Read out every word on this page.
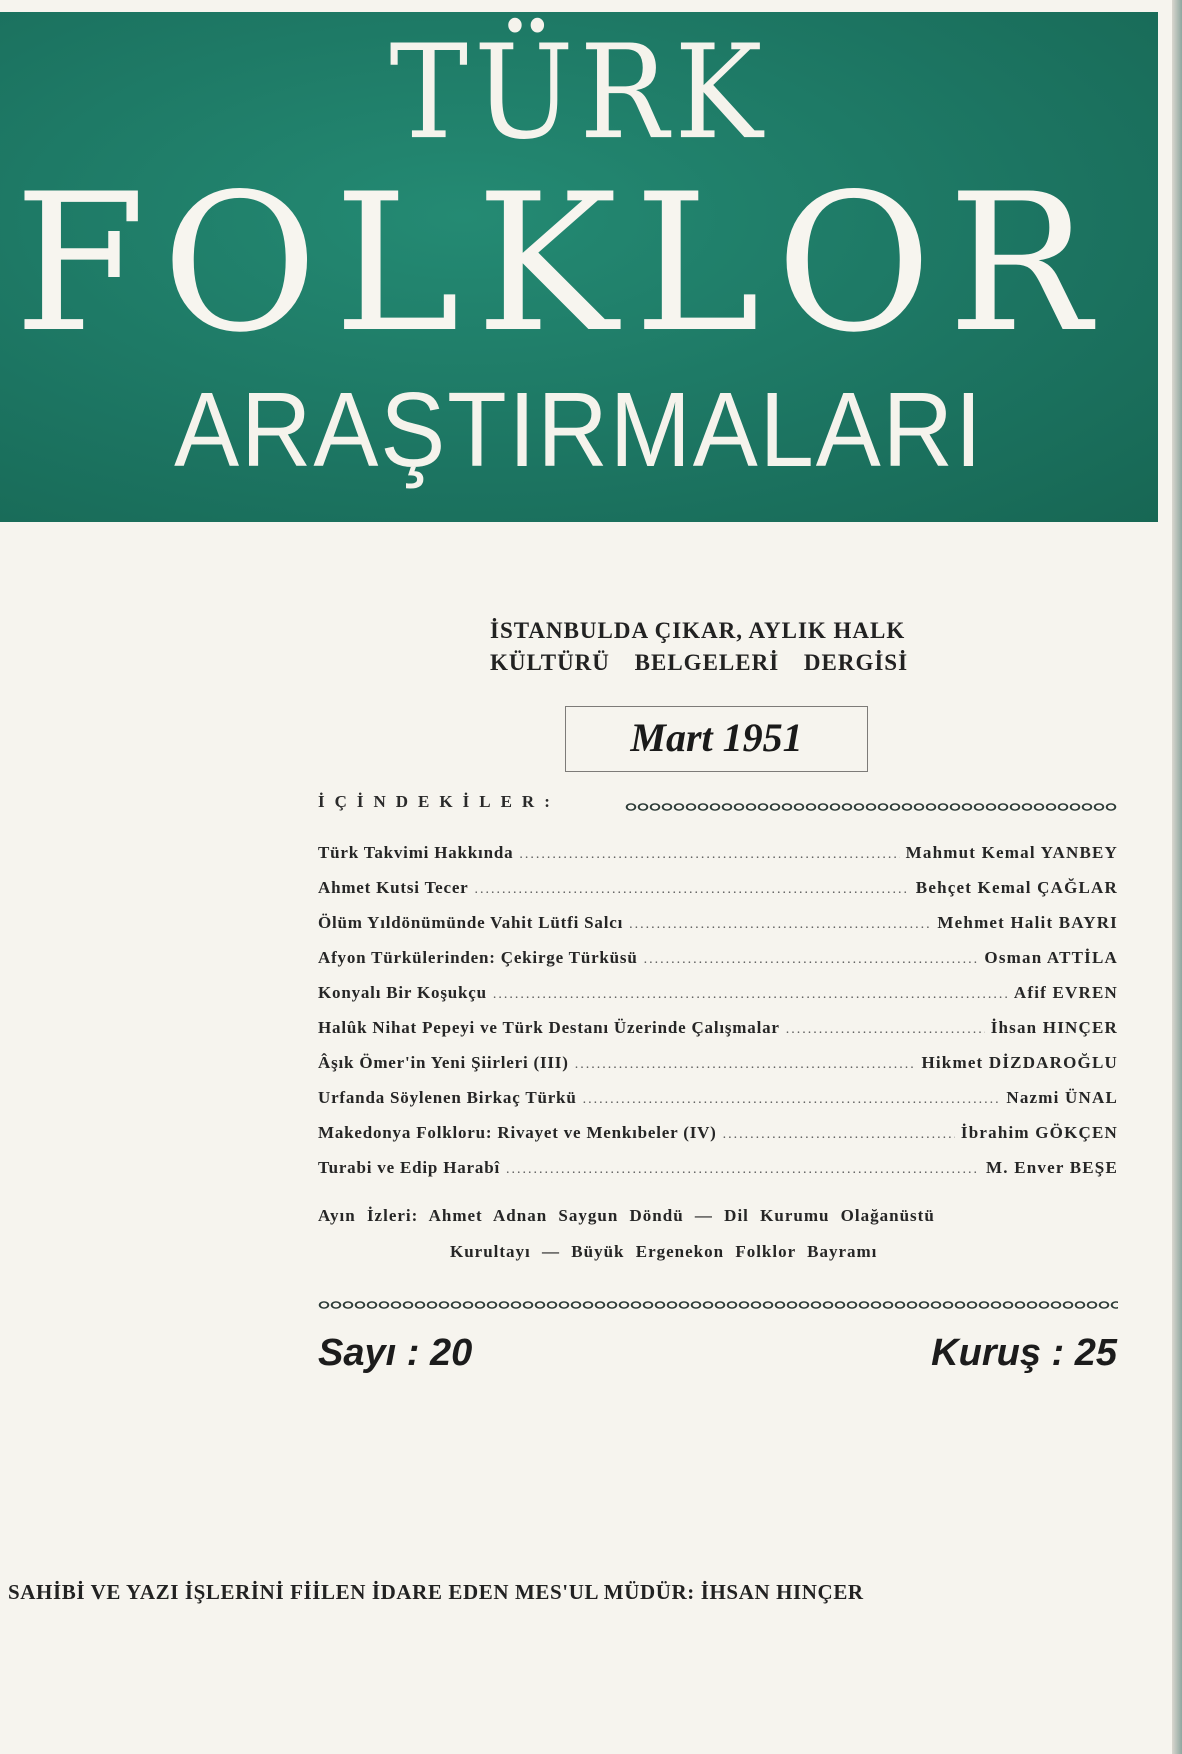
TÜRK
FOLKLOR
ARAŞTIRMALARI
İSTANBULDA ÇIKAR, AYLIK HALK
KÜLTÜRÜ BELGELERİ DERGİSİ
Mart 1951
İÇİNDEKİLER:
Türk Takvimi Hakkında .....	Mahmut Kemal YANBEY
Ahmet Kutsi Tecer .....	Behçet Kemal ÇAĞLAR
Ölüm Yıldönümünde Vahit Lütfi Salcı .....	Mehmet Halit BAYRI
Afyon Türkülerinden: Çekirge Türküsü .....	Osman ATTİLA
Konyalı Bir Koşukçu .....	Afif EVREN
Halûk Nihat Pepeyi ve Türk Destanı Üzerinde Çalışmalar .....	İhsan HINÇER
Âşık Ömer'in Yeni Şiirleri (III) .....	Hikmet DİZDAROĞLU
Urfanda Söylenen Birkaç Türkü .....	Nazmi ÜNAL
Makedonya Folkloru: Rivayet ve Menkıbeler (IV) .....	İbrahim GÖKÇEN
Turabi ve Edip Harabî .....	M. Enver BEŞE
Ayın İzleri: Ahmet Adnan Saygun Döndü — Dil Kurumu Olağanüstü
Kurultayı — Büyük Ergenekon Folklor Bayramı
Sayı : 20	Kuruş : 25
SAHİBİ VE YAZI İŞLERİNİ FİİLEN İDARE EDEN MES'UL MÜDÜR: İHSAN HINÇER
